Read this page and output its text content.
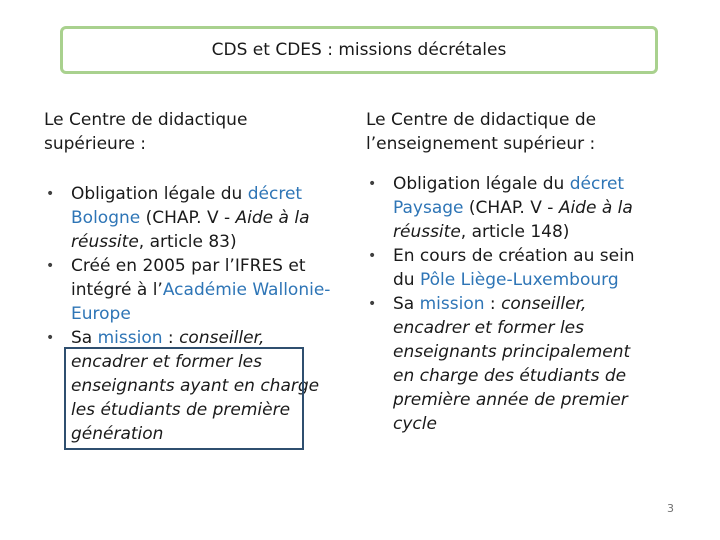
CDS et CDES : missions décrétales

Le Centre de didactique supérieure :

• Obligation légale du décret Bologne (CHAP. V - Aide à la réussite, article 83)
• Créé en 2005 par l’IFRES et intégré à l’Académie Wallonie-Europe
• Sa mission : conseiller, encadrer et former les enseignants ayant en charge les étudiants de première génération

Le Centre de didactique de l’enseignement supérieur :

• Obligation légale du décret Paysage (CHAP. V - Aide à la réussite, article 148)
• En cours de création au sein du Pôle Liège-Luxembourg
• Sa mission : conseiller, encadrer et former les enseignants principalement en charge des étudiants de première année de premier cycle
3
